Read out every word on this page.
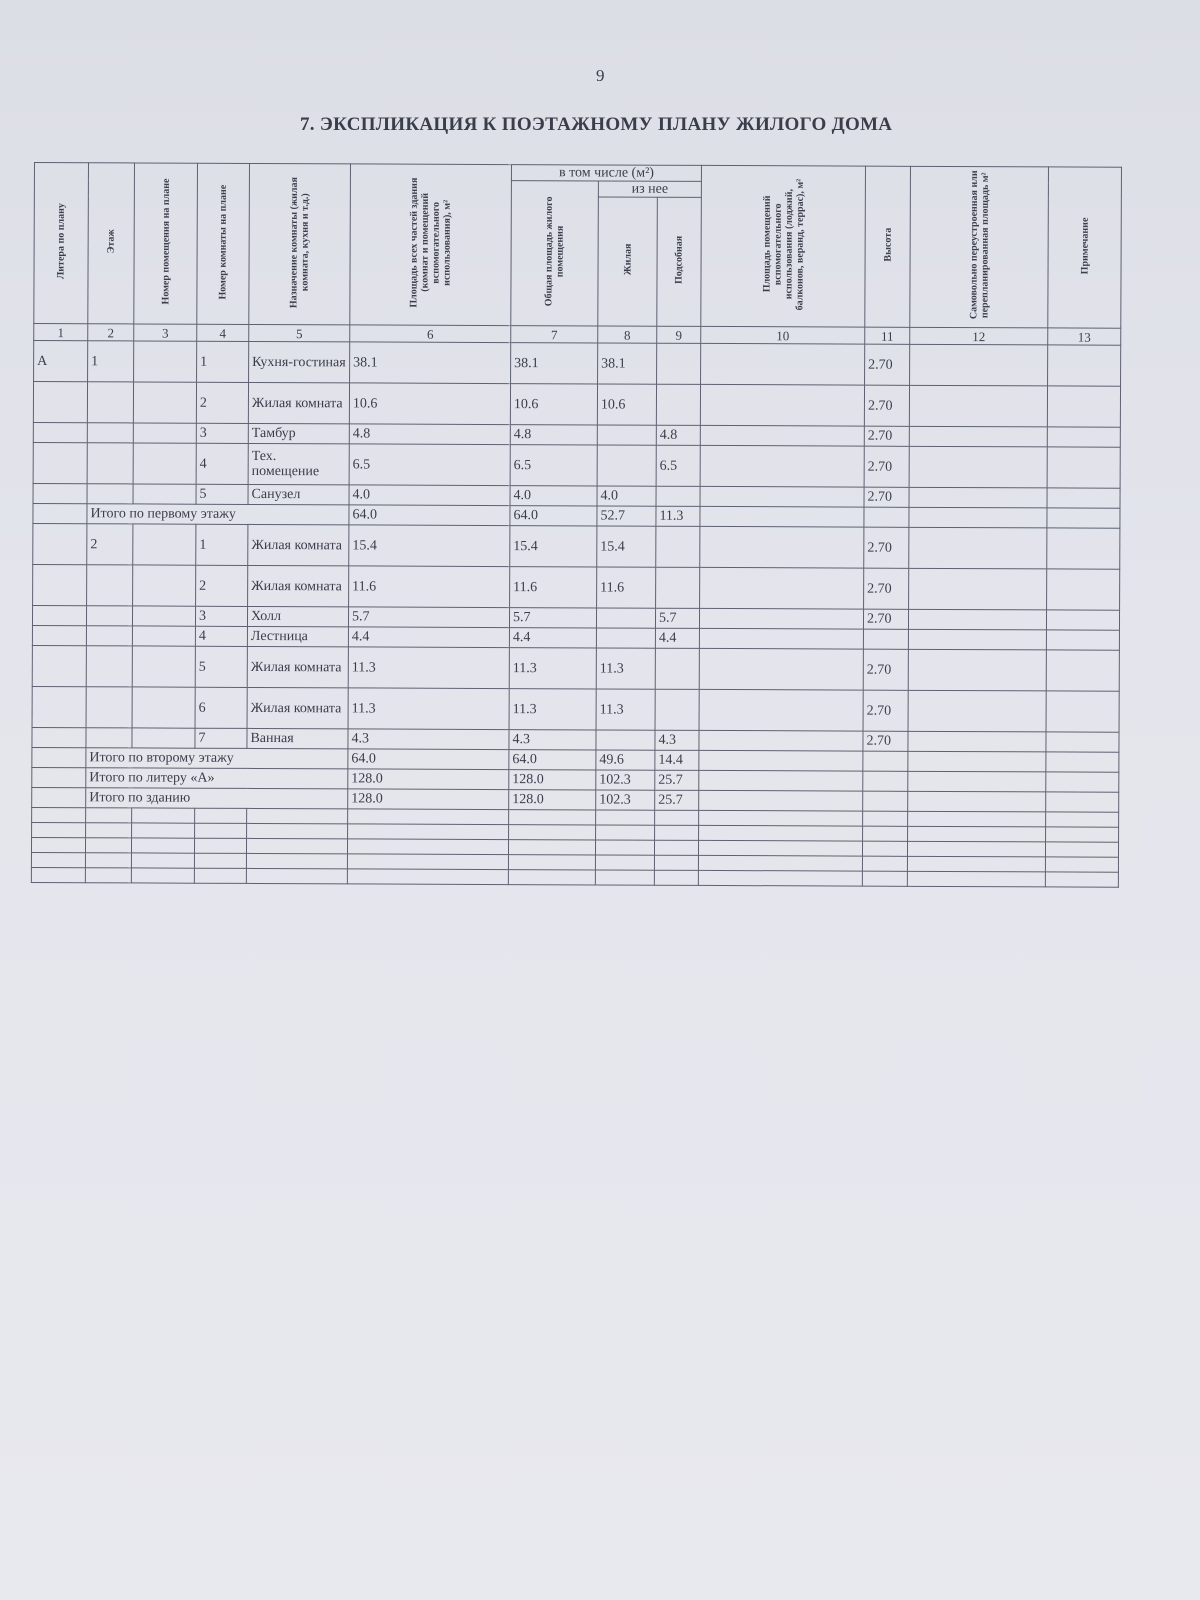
9
7. ЭКСПЛИКАЦИЯ К ПОЭТАЖНОМУ ПЛАНУ ЖИЛОГО ДОМА
Литера по плану	Этаж	Номер помещения на плане	Номер комнаты на плане	Назначение комнаты (жилая комната, кухня и т.д.)	Площадь всех частей здания (комнат и помещений вспомогательного использования), м²	в том числе (м²)			Площадь помещений вспомогательного использования (лоджий, балконов, веранд, террас), м²	Высота	Самовольно переустроенная или перепланированная площадь м²	Примечание
						Общая площадь жилого помещения	из нее					
							Жилая	Подсобная				
1	2	3	4	5	6	7	8	9	10	11	12	13
А	1		1	Кухня-гостиная	38.1	38.1	38.1			2.70		
			2	Жилая комната	10.6	10.6	10.6			2.70		
			3	Тамбур	4.8	4.8		4.8		2.70		
			4	Тех. помещение	6.5	6.5		6.5		2.70		
			5	Санузел	4.0	4.0	4.0			2.70		
	Итого по первому этажу				64.0	64.0	52.7	11.3				
	2		1	Жилая комната	15.4	15.4	15.4			2.70		
			2	Жилая комната	11.6	11.6	11.6			2.70		
			3	Холл	5.7	5.7		5.7		2.70		
			4	Лестница	4.4	4.4		4.4				
			5	Жилая комната	11.3	11.3	11.3			2.70		
			6	Жилая комната	11.3	11.3	11.3			2.70		
			7	Ванная	4.3	4.3		4.3		2.70		
	Итого по второму этажу				64.0	64.0	49.6	14.4				
	Итого по литеру «А»				128.0	128.0	102.3	25.7				
	Итого по зданию				128.0	128.0	102.3	25.7				
